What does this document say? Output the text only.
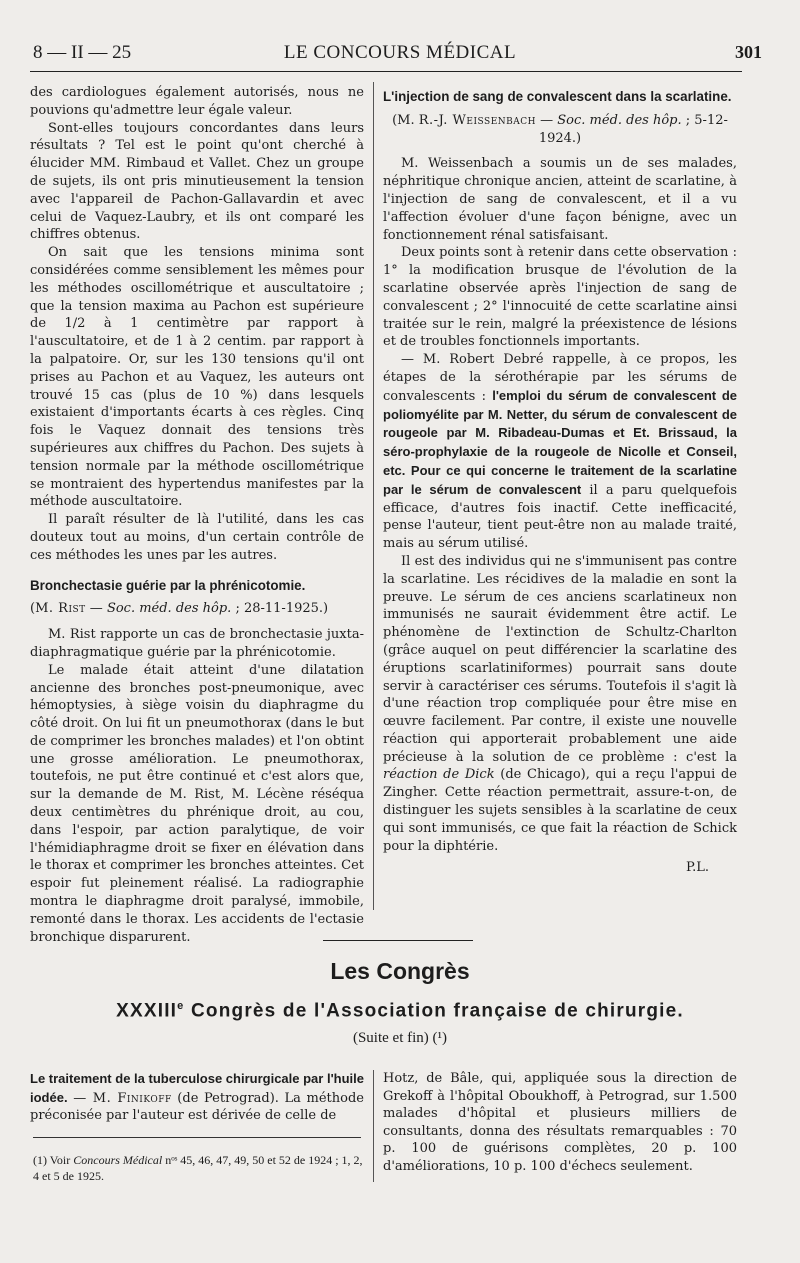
8 — II — 25	LE CONCOURS MÉDICAL	301

des cardiologues également autorisés, nous ne pouvions qu'admettre leur égale valeur.

Sont-elles toujours concordantes dans leurs résultats ? Tel est le point qu'ont cherché à élucider MM. Rimbaud et Vallet. Chez un groupe de sujets, ils ont pris minutieusement la tension avec l'appareil de Pachon-Gallavardin et avec celui de Vaquez-Laubry, et ils ont comparé les chiffres obtenus.

On sait que les tensions minima sont considérées comme sensiblement les mêmes pour les méthodes oscillométrique et auscultatoire ; que la tension maxima au Pachon est supérieure de 1/2 à 1 centimètre par rapport à l'auscultatoire, et de 1 à 2 centim. par rapport à la palpatoire. Or, sur les 130 tensions qu'il ont prises au Pachon et au Vaquez, les auteurs ont trouvé 15 cas (plus de 10 %) dans lesquels existaient d'importants écarts à ces règles. Cinq fois le Vaquez donnait des tensions très supérieures aux chiffres du Pachon. Des sujets à tension normale par la méthode oscillométrique se montraient des hypertendus manifestes par la méthode auscultatoire.

Il paraît résulter de là l'utilité, dans les cas douteux tout au moins, d'un certain contrôle de ces méthodes les unes par les autres.

Bronchectasie guérie par la phrénicotomie.

(M. Rist — Soc. méd. des hôp. ; 28-11-1925.)

M. Rist rapporte un cas de bronchectasie juxta-diaphragmatique guérie par la phrénicotomie.

Le malade était atteint d'une dilatation ancienne des bronches post-pneumonique, avec hémoptysies, à siège voisin du diaphragme du côté droit. On lui fit un pneumothorax (dans le but de comprimer les bronches malades) et l'on obtint une grosse amélioration. Le pneumothorax, toutefois, ne put être continué et c'est alors que, sur la demande de M. Rist, M. Lécène réséqua deux centimètres du phrénique droit, au cou, dans l'espoir, par action paralytique, de voir l'hémidiaphragme droit se fixer en élévation dans le thorax et comprimer les bronches atteintes. Cet espoir fut pleinement réalisé. La radiographie montra le diaphragme droit paralysé, immobile, remonté dans le thorax. Les accidents de l'ectasie bronchique disparurent.

L'injection de sang de convalescent dans la scarlatine.

(M. R.-J. Weissenbach — Soc. méd. des hôp. ; 5-12-1924.)

M. Weissenbach a soumis un de ses malades, néphritique chronique ancien, atteint de scarlatine, à l'injection de sang de convalescent, et il a vu l'affection évoluer d'une façon bénigne, avec un fonctionnement rénal satisfaisant.

Deux points sont à retenir dans cette observation : 1° la modification brusque de l'évolution de la scarlatine observée après l'injection de sang de convalescent ; 2° l'innocuité de cette scarlatine ainsi traitée sur le rein, malgré la préexistence de lésions et de troubles fonctionnels importants.

— M. Robert Debré rappelle, à ce propos, les étapes de la sérothérapie par les sérums de convalescents : l'emploi du sérum de convalescent de poliomyélite par M. Netter, du sérum de convalescent de rougeole par M. Ribadeau-Dumas et Et. Brissaud, la séro-prophylaxie de la rougeole de Nicolle et Conseil, etc. Pour ce qui concerne le traitement de la scarlatine par le sérum de convalescent il a paru quelquefois efficace, d'autres fois inactif. Cette inefficacité, pense l'auteur, tient peut-être non au malade traité, mais au sérum utilisé.

Il est des individus qui ne s'immunisent pas contre la scarlatine. Les récidives de la maladie en sont la preuve. Le sérum de ces anciens scarlatineux non immunisés ne saurait évidemment être actif. Le phénomène de l'extinction de Schultz-Charlton (grâce auquel on peut différencier la scarlatine des éruptions scarlatiniformes) pourrait sans doute servir à caractériser ces sérums. Toutefois il s'agit là d'une réaction trop compliquée pour être mise en œuvre facilement. Par contre, il existe une nouvelle réaction qui apporterait probablement une aide précieuse à la solution de ce problème : c'est la réaction de Dick (de Chicago), qui a reçu l'appui de Zingher. Cette réaction permettrait, assure-t-on, de distinguer les sujets sensibles à la scarlatine de ceux qui sont immunisés, ce que fait la réaction de Schick pour la diphtérie.

P.L.

Les Congrès
XXXIIIe Congrès de l'Association française de chirurgie.
(Suite et fin) (¹)

Le traitement de la tuberculose chirurgicale par l'huile iodée. — M. Finikoff (de Petrograd). La méthode préconisée par l'auteur est dérivée de celle de

Hotz, de Bâle, qui, appliquée sous la direction de Grekoff à l'hôpital Oboukhoff, à Petrograd, sur 1.500 malades d'hôpital et plusieurs milliers de consultants, donna des résultats remarquables : 70 p. 100 de guérisons complètes, 20 p. 100 d'améliorations, 10 p. 100 d'échecs seulement.

(1) Voir Concours Médical nᵒˢ 45, 46, 47, 49, 50 et 52 de 1924 ; 1, 2, 4 et 5 de 1925.
